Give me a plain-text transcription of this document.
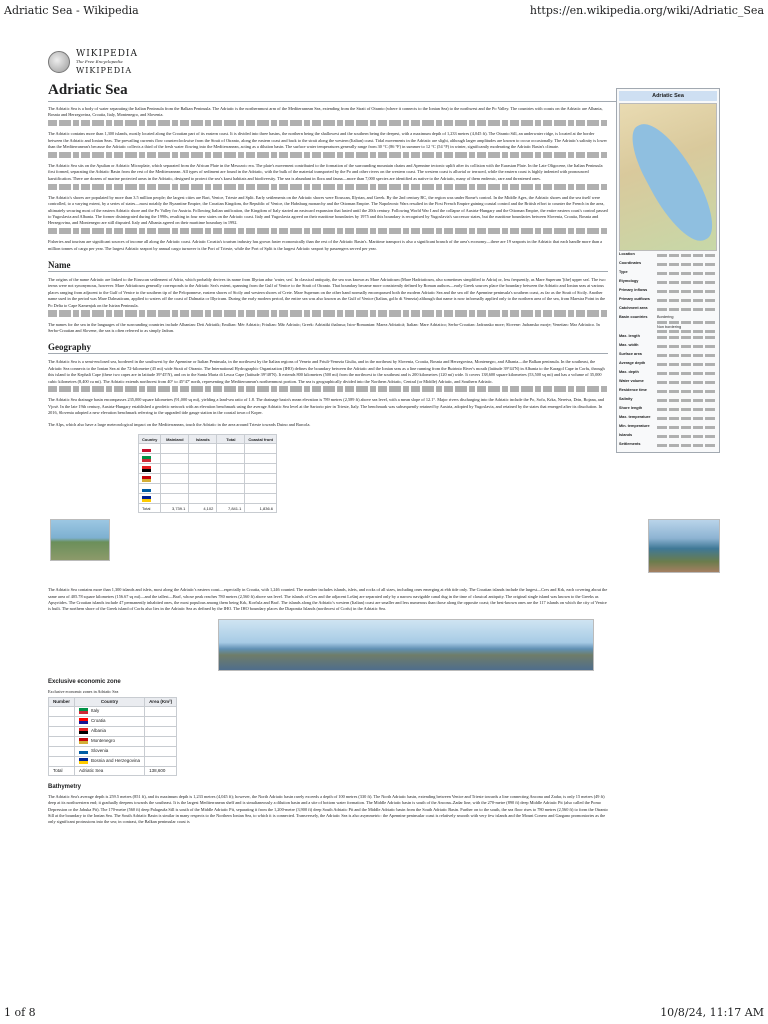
Adriatic Sea - Wikipedia	https://en.wikipedia.org/wiki/Adriatic_Sea
WIKIPEDIA
The Free Encyclopedia
WIKIPEDIA
Adriatic Sea	Adriatic Sea
Location
Coordinates
Type
Etymology
Primary inflows
Primary outflows
Catchment area
Basin countries	Bordering
Non bordering
Max. length
Max. width
Surface area
Average depth
Max. depth
Water volume
Residence time
Salinity
Shore length
Max. temperature
Min. temperature
Islands
Settlements

The Adriatic Sea is a body of water separating the Italian Peninsula from the Balkan Peninsula. The Adriatic is the northernmost arm of the Mediterranean Sea, extending from the Strait of Otranto (where it connects to the Ionian Sea) to the northwest and the Po Valley. The countries with coasts on the Adriatic are Albania, Bosnia and Herzegovina, Croatia, Italy, Montenegro, and Slovenia.

The Adriatic contains more than 1,300 islands, mostly located along the Croatian part of its eastern coast. It is divided into three basins, the northern being the shallowest and the southern being the deepest, with a maximum depth of 1,233 metres (4,045 ft). The Otranto Sill, an underwater ridge, is located at the border between the Adriatic and Ionian Seas. The prevailing currents flow counterclockwise from the Strait of Otranto, along the eastern coast and back to the strait along the western (Italian) coast. Tidal movements in the Adriatic are slight, although larger amplitudes are known to occur occasionally. The Adriatic's salinity is lower than the Mediterranean's because the Adriatic collects a third of the fresh water flowing into the Mediterranean, acting as a dilution basin. The surface water temperatures generally range from 30 °C (86 °F) in summer to 12 °C (54 °F) in winter, significantly moderating the Adriatic Basin's climate.

The Adriatic Sea sits on the Apulian or Adriatic Microplate, which separated from the African Plate in the Mesozoic era. The plate's movement contributed to the formation of the surrounding mountain chains and Apennine tectonic uplift after its collision with the Eurasian Plate. In the Late Oligocene, the Italian Peninsula first formed, separating the Adriatic Basin from the rest of the Mediterranean. All types of sediment are found in the Adriatic, with the bulk of the material transported by the Po and other rivers on the western coast. The western coast is alluvial or terraced, while the eastern coast is highly indented with pronounced karstification. There are dozens of marine protected areas in the Adriatic, designed to protect the sea's karst habitats and biodiversity. The sea is abundant in flora and fauna—more than 7,000 species are identified as native to the Adriatic, many of them endemic, rare and threatened ones.

The Adriatic's shores are populated by more than 3.5 million people; the largest cities are Bari, Venice, Trieste and Split. Early settlements on the Adriatic shores were Etruscan, Illyrian, and Greek. By the 2nd century BC, the region was under Rome's control. In the Middle Ages, the Adriatic shores and the sea itself were controlled, to a varying extent, by a series of states—most notably the Byzantine Empire, the Croatian Kingdom, the Republic of Venice, the Habsburg monarchy and the Ottoman Empire. The Napoleonic Wars resulted in the First French Empire gaining coastal control and the British effort to counter the French in the area, ultimately securing most of the eastern Adriatic shore and the Po Valley for Austria. Following Italian unification, the Kingdom of Italy started an eastward expansion that lasted until the 20th century. Following World War I and the collapse of Austria-Hungary and the Ottoman Empire, the entire eastern coast's control passed to Yugoslavia and Albania. The former disintegrated during the 1990s, resulting in four new states on the Adriatic coast. Italy and Yugoslavia agreed on their maritime boundaries by 1975 and this boundary is recognised by Yugoslavia's successor states, but the maritime boundaries between Slovenia, Croatia, Bosnia and Herzegovina, and Montenegro are still disputed. Italy and Albania agreed on their maritime boundary in 1992.

Fisheries and tourism are significant sources of income all along the Adriatic coast. Adriatic Croatia's tourism industry has grown faster economically than the rest of the Adriatic Basin's. Maritime transport is also a significant branch of the area's economy—there are 19 seaports in the Adriatic that each handle more than a million tonnes of cargo per year. The largest Adriatic seaport by annual cargo turnover is the Port of Trieste, while the Port of Split is the largest Adriatic seaport by passengers served per year.

Name

The origins of the name Adriatic are linked to the Etruscan settlement of Adria, which probably derives its name from Illyrian adur 'water, sea'. In classical antiquity, the sea was known as Mare Adriaticum (Mare Hadriaticum, also sometimes simplified to Adria) or, less frequently, as Mare Superum '[the] upper sea'. The two terms were not synonymous, however. Mare Adriaticum generally corresponds to the Adriatic Sea's extent, spanning from the Gulf of Venice to the Strait of Otranto. That boundary became more consistently defined by Roman authors—early Greek sources place the boundary between the Adriatic and Ionian seas at various places ranging from adjacent to the Gulf of Venice to the southern tip of the Peloponnese, eastern shores of Sicily and western shores of Crete. Mare Superum on the other hand normally encompassed both the modern Adriatic Sea and the sea off the Apennine peninsula's southern coast, as far as the Strait of Sicily. Another name used in the period was Mare Dalmaticum, applied to waters off the coast of Dalmatia or Illyricum. During the early modern period, the entire sea was also known as the Gulf of Venice (Italian, golfo di Venezia) although that name is now informally applied only to the northern area of the sea, from Maestra Point in the Po Delta to Cape Kamenjak on the Istrian Peninsula.

The names for the sea in the languages of the surrounding countries include Albanian: Deti Adriatik; Emilian: Mèr Adriatic; Friulian: Mâr Adriatic; Greek: Adriatiki thalassa; Istro-Romanian: Marea Adriatică; Italian: Mare Adriatico; Serbo-Croatian: Jadransko more; Slovene: Jadransko morje; Venetian: Mar Adriatico. In Serbo-Croatian and Slovene, the sea is often referred to as simply Jadran.

Geography

The Adriatic Sea is a semi-enclosed sea, bordered in the southwest by the Apennine or Italian Peninsula, in the northwest by the Italian regions of Veneto and Friuli-Venezia Giulia, and in the northeast by Slovenia, Croatia, Bosnia and Herzegovina, Montenegro, and Albania—the Balkan peninsula. In the southeast, the Adriatic Sea connects to the Ionian Sea at the 72-kilometre (45 mi) wide Strait of Otranto. The International Hydrographic Organization (IHO) defines the boundary between the Adriatic and the Ionian seas as a line running from the Butrinto River's mouth (latitude 39°44′N) in Albania to the Karagol Cape in Corfu, through this island to the Kephali Cape (these two capes are in latitude 39°45′N), and on to the Santa Maria di Leuca Cape (latitude 39°48′N). It extends 800 kilometres (500 mi) from the northwest to the southeast and is 200 kilometres (120 mi) wide. It covers 138,600 square kilometres (53,500 sq mi) and has a volume of 35,000 cubic kilometres (8,400 cu mi). The Adriatic extends northwest from 40° to 45°47′ north, representing the Mediterranean's northernmost portion. The sea is geographically divided into the Northern Adriatic, Central (or Middle) Adriatic, and Southern Adriatic.

The Adriatic Sea drainage basin encompasses 235,000 square kilometres (91,000 sq mi), yielding a land-sea ratio of 1.8. The drainage basin's mean elevation is 789 metres (2,589 ft) above sea level, with a mean slope of 12.1°. Major rivers discharging into the Adriatic include the Po, Soča, Krka, Neretva, Drin, Bojana, and Vjosë. In the late 19th century, Austria-Hungary established a geodetic network with an elevation benchmark using the average Adriatic Sea level at the Sartorio pier in Trieste, Italy. The benchmark was subsequently retained by Austria, adopted by Yugoslavia, and retained by the states that emerged after its dissolution. In 2016, Slovenia adopted a new elevation benchmark referring to the upgraded tide gauge station in the coastal town of Koper.

The Alps, which also have a large meteorological impact on the Mediterranean, touch the Adriatic in the area around Trieste towards Duino and Barcola.

Country	Mainland	Islands	Total	Coastal front

Total	3,739.1	4,102	7,841.1	1,836.6

The Adriatic Sea contains more than 1,300 islands and islets, most along the Adriatic's eastern coast—especially in Croatia, with 1,246 counted. The number includes islands, islets, and rocks of all sizes, including ones emerging at ebb tide only. The Croatian islands include the largest—Cres and Krk, each covering about the same area of 405.78 square kilometres (156.67 sq mi)—and the tallest—Brač, whose peak reaches 780 metres (2,560 ft) above sea level. The islands of Cres and the adjacent Lošinj are separated only by a narrow navigable canal dug in the time of classical antiquity. The original single island was known to the Greeks as Apsyrtides. The Croatian islands include 47 permanently inhabited ones, the most populous among them being Krk, Korčula and Brač. The islands along the Adriatic's western (Italian) coast are smaller and less numerous than those along the opposite coast; the best-known ones are the 117 islands on which the city of Venice is built. The northern shore of the Greek island of Corfu also lies in the Adriatic Sea as defined by the IHO. The IHO boundary places the Diapontia Islands (northwest of Corfu) in the Adriatic Sea.

Exclusive economic zone
Exclusive economic zones in Adriatic Sea
Number	Country	Area (Km²)
	Italy	
	Croatia	
	Albania	
	Montenegro	
	Slovenia	
	Bosnia and Herzegovina	
Total	Adriatic Sea	138,600
Bathymetry

The Adriatic Sea's average depth is 259.5 metres (851 ft), and its maximum depth is 1,233 metres (4,045 ft); however, the North Adriatic basin rarely exceeds a depth of 100 metres (330 ft). The North Adriatic basin, extending between Venice and Trieste towards a line connecting Ancona and Zadar, is only 15 metres (49 ft) deep at its northwestern end; it gradually deepens towards the southeast. It is the largest Mediterranean shelf and is simultaneously a dilution basin and a site of bottom water formation. The Middle Adriatic basin is south of the Ancona–Zadar line, with the 270-metre (890 ft) deep Middle Adriatic Pit (also called the Pomo Depression or the Jabuka Pit). The 170-metre (560 ft) deep Palagruža Sill is south of the Middle Adriatic Pit, separating it from the 1,200-metre (3,900 ft) deep South Adriatic Pit and the Middle Adriatic basin from the South Adriatic Basin. Further on to the south, the sea floor rises to 780 metres (2,560 ft) to form the Otranto Sill at the boundary to the Ionian Sea. The South Adriatic Basin is similar in many respects to the Northern Ionian Sea, to which it is connected. Transversely, the Adriatic Sea is also asymmetric: the Apennine peninsular coast is relatively smooth with very few islands and the Mount Conero and Gargano promontories as the only significant protrusions into the sea; in contrast, the Balkan peninsular coast is

1 of 8	10/8/24, 11:17 AM
